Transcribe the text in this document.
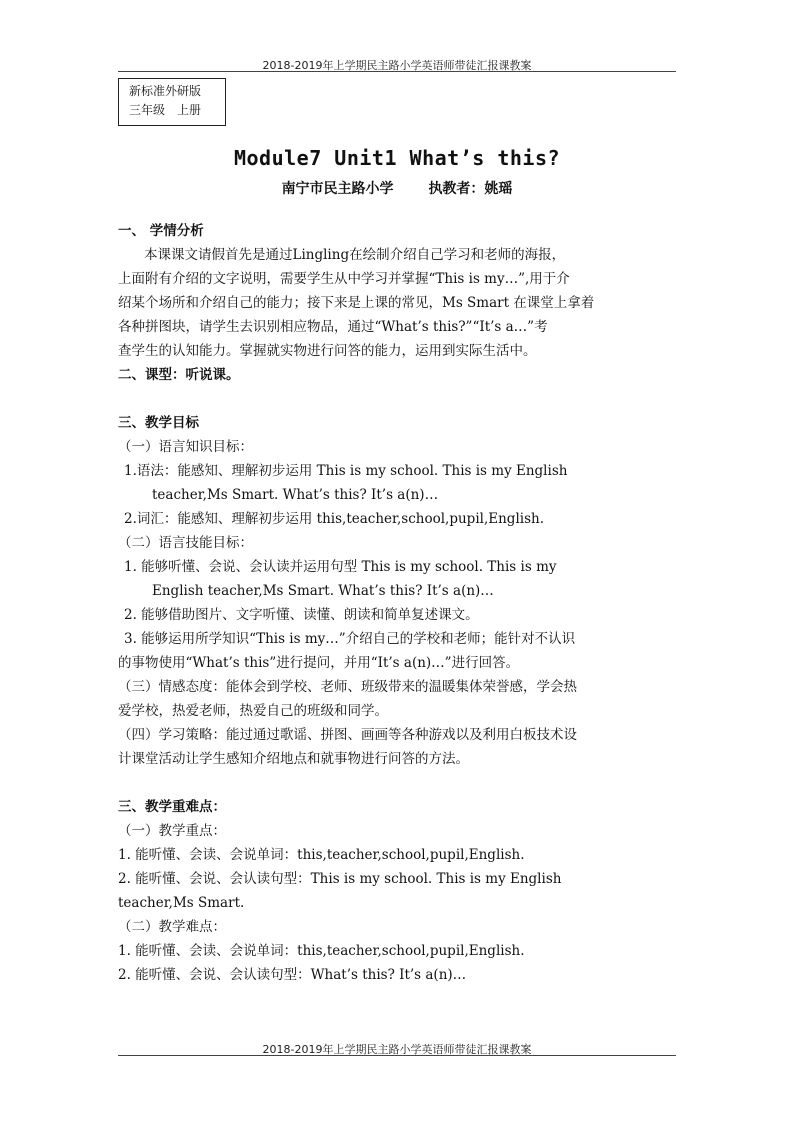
2018-2019年上学期民主路小学英语师带徒汇报课教案
新标准外研版
三年级　上册
Module7 Unit1 What’s this?
南宁市民主路小学 执教者：姚瑶
一、 学情分析
本课课文请假首先是通过Lingling在绘制介绍自己学习和老师的海报，
上面附有介绍的文字说明，需要学生从中学习并掌握“This is my…”,用于介
绍某个场所和介绍自己的能力；接下来是上课的常见，Ms Smart 在课堂上拿着
各种拼图块，请学生去识别相应物品，通过“What’s this?”“It’s a…”考
查学生的认知能力。掌握就实物进行问答的能力，运用到实际生活中。
二、课型：听说课。
三、教学目标
（一）语言知识目标：
1.语法：能感知、理解初步运用 This is my school. This is my English
teacher,Ms Smart. What’s this? It’s a(n)…
2.词汇：能感知、理解初步运用 this,teacher,school,pupil,English.
（二）语言技能目标：
1. 能够听懂、会说、会认读并运用句型 This is my school. This is my
English teacher,Ms Smart. What’s this? It’s a(n)…
2. 能够借助图片、文字听懂、读懂、朗读和简单复述课文。
3. 能够运用所学知识“This is my…”介绍自己的学校和老师；能针对不认识
的事物使用“What’s this”进行提问，并用“It’s a(n)…”进行回答。
（三）情感态度：能体会到学校、老师、班级带来的温暖集体荣誉感，学会热
爱学校，热爱老师，热爱自己的班级和同学。
（四）学习策略：能过通过歌谣、拼图、画画等各种游戏以及利用白板技术设
计课堂活动让学生感知介绍地点和就事物进行问答的方法。
三、教学重难点：
（一）教学重点：
1. 能听懂、会读、会说单词：this,teacher,school,pupil,English.
2. 能听懂、会说、会认读句型：This is my school. This is my English
teacher,Ms Smart.
（二）教学难点：
1. 能听懂、会读、会说单词：this,teacher,school,pupil,English.
2. 能听懂、会说、会认读句型：What’s this? It’s a(n)…
2018-2019年上学期民主路小学英语师带徒汇报课教案
